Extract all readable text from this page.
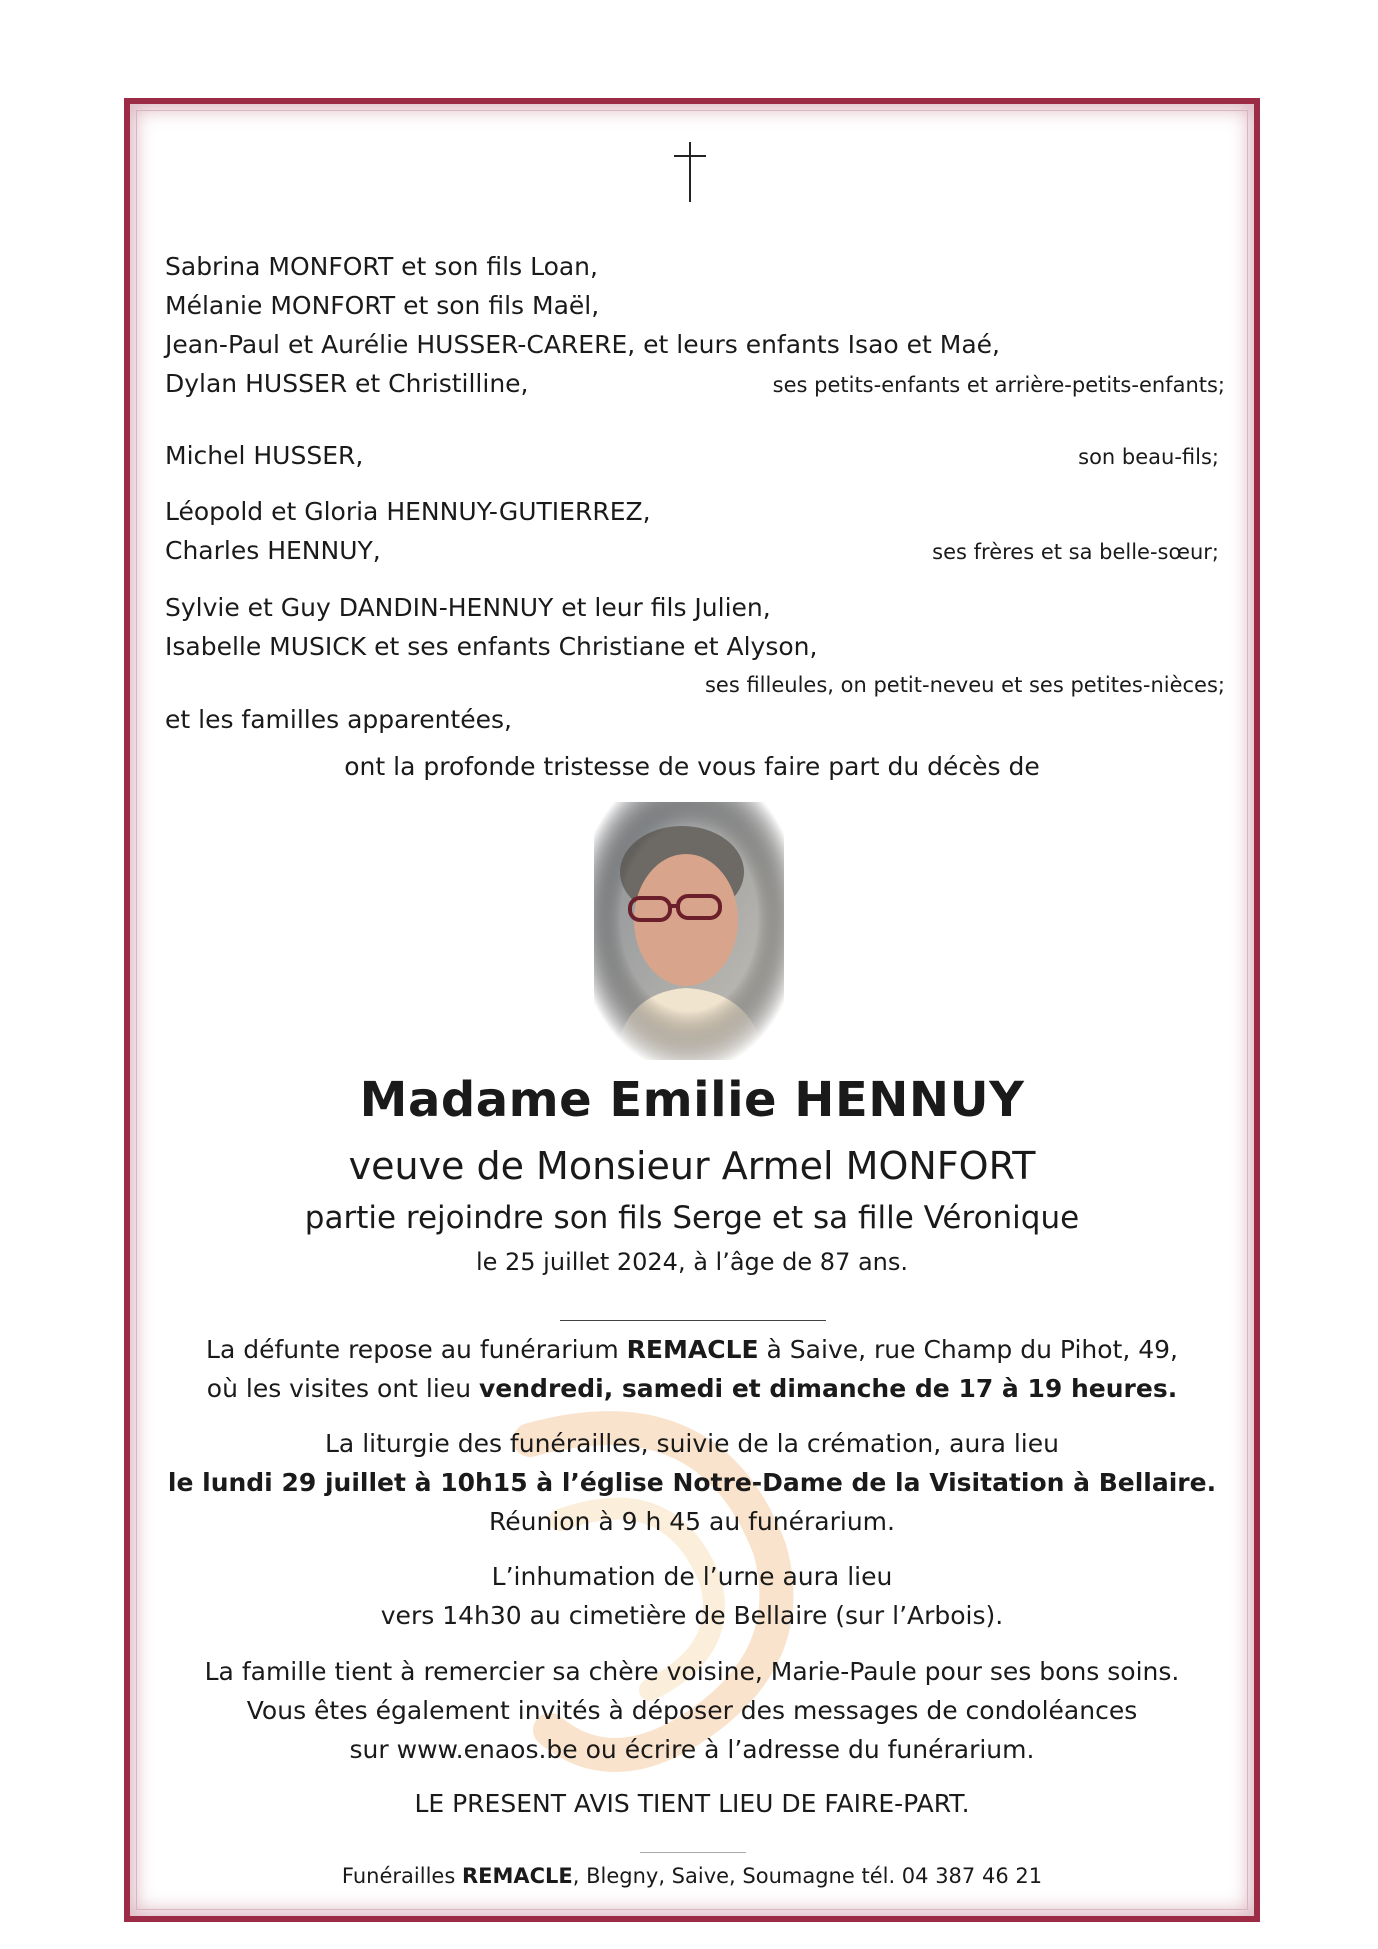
Sabrina MONFORT et son fils Loan,
Mélanie MONFORT et son fils Maël,
Jean-Paul et Aurélie HUSSER-CARERE, et leurs enfants Isao et Maé,
Dylan HUSSER et Christilline,	ses petits-enfants et arrière-petits-enfants;
Michel HUSSER,	son beau-fils;
Léopold et Gloria HENNUY-GUTIERREZ,
Charles HENNUY,	ses frères et sa belle-sœur;
Sylvie et Guy DANDIN-HENNUY et leur fils Julien,
Isabelle MUSICK et ses enfants Christiane et Alyson,
ses filleules, on petit-neveu et ses petites-nièces;
et les familles apparentées,
ont la profonde tristesse de vous faire part du décès de
Madame Emilie HENNUY
veuve de Monsieur Armel MONFORT
partie rejoindre son fils Serge et sa fille Véronique
le 25 juillet 2024, à l’âge de 87 ans.
La défunte repose au funérarium REMACLE à Saive, rue Champ du Pihot, 49,
où les visites ont lieu vendredi, samedi et dimanche de 17 à 19 heures.
La liturgie des funérailles, suivie de la crémation, aura lieu
le lundi 29 juillet à 10h15 à l’église Notre-Dame de la Visitation à Bellaire.
Réunion à 9 h 45 au funérarium.
L’inhumation de l’urne aura lieu
vers 14h30 au cimetière de Bellaire (sur l’Arbois).
La famille tient à remercier sa chère voisine, Marie-Paule pour ses bons soins.
Vous êtes également invités à déposer des messages de condoléances
sur www.enaos.be ou écrire à l’adresse du funérarium.
LE PRESENT AVIS TIENT LIEU DE FAIRE-PART.
Funérailles REMACLE, Blegny, Saive, Soumagne tél. 04 387 46 21
